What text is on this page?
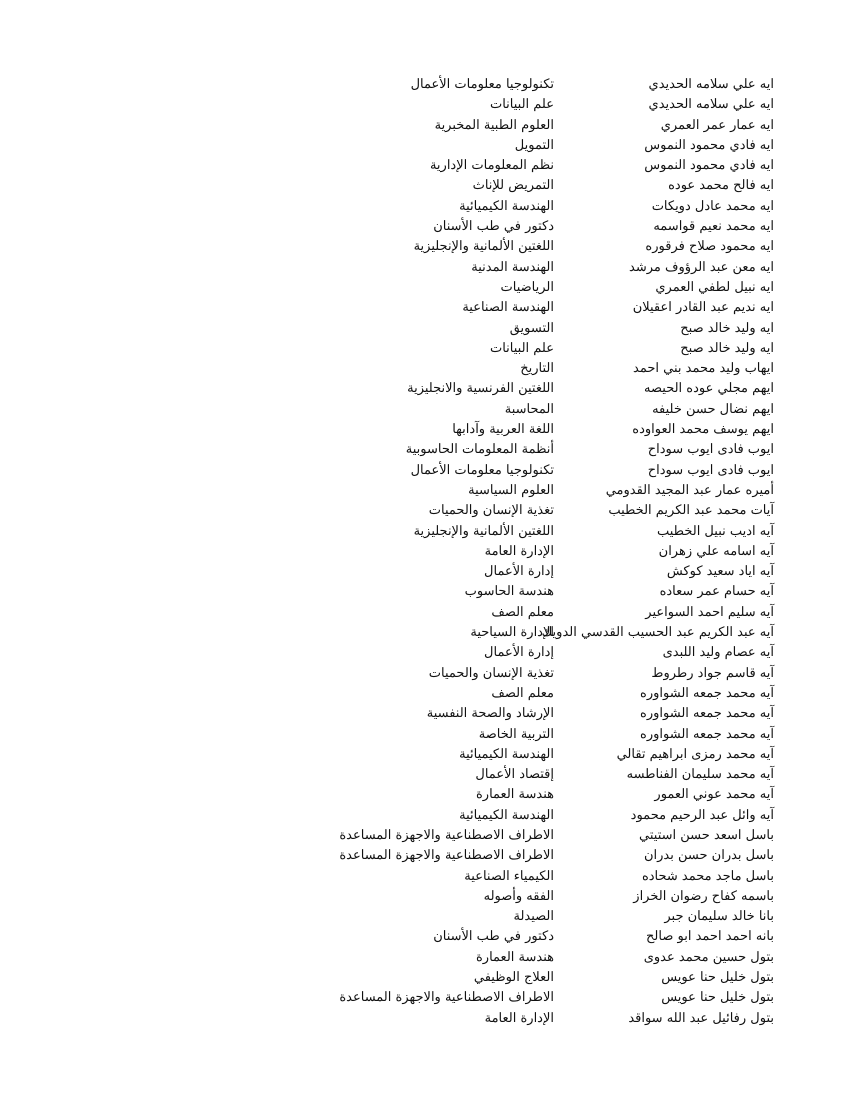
ايه علي سلامه الحديدي
تكنولوجيا معلومات الأعمال
ايه علي سلامه الحديدي
علم البيانات
ايه عمار عمر العمري
العلوم الطبية المخبرية
ايه فادي محمود النموس
التمويل
ايه فادي محمود النموس
نظم المعلومات الإدارية
ايه فالح محمد عوده
التمريض للإناث
ايه محمد عادل دويكات
الهندسة الكيميائية
ايه محمد نعيم قواسمه
دكتور في طب الأسنان
ايه محمود صلاح فرقوره
اللغتين الألمانية والإنجليزية
ايه معن عبد الرؤوف مرشد
الهندسة المدنية
ايه نبيل لطفي العمري
الرياضيات
ايه نديم عبد القادر اعقيلان
الهندسة الصناعية
ايه وليد خالد صبح
التسويق
ايه وليد خالد صبح
علم البيانات
ايهاب وليد محمد بني احمد
التاريخ
ايهم مجلي عوده الحيصه
اللغتين الفرنسية والانجليزية
ايهم نضال حسن خليفه
المحاسبة
ايهم يوسف محمد العواوده
اللغة العربية وآدابها
ايوب فادى ايوب سوداح
أنظمة المعلومات الحاسوبية
ايوب فادى ايوب سوداح
تكنولوجيا معلومات الأعمال
أميره عمار عبد المجيد القدومي
العلوم السياسية
آيات محمد عبد الكريم الخطيب
تغذية الإنسان والحميات
آيه اديب نبيل الخطيب
اللغتين الألمانية والإنجليزية
آيه اسامه علي زهران
الإدارة العامة
آيه اياد سعيد كوكش
إدارة الأعمال
آيه حسام عمر سعاده
هندسة الحاسوب
آيه سليم احمد السواعير
معلم الصف
آيه عبد الكريم عبد الحسيب القدسي الدويك
الإدارة السياحية
آيه عصام وليد اللبدى
إدارة الأعمال
آيه قاسم جواد رطروط
تغذية الإنسان والحميات
آيه محمد جمعه الشواوره
معلم الصف
آيه محمد جمعه الشواوره
الإرشاد والصحة النفسية
آيه محمد جمعه الشواوره
التربية الخاصة
آيه محمد رمزى ابراهيم تقالي
الهندسة الكيميائية
آيه محمد سليمان الفناطسه
إقتصاد الأعمال
آيه محمد عوني العمور
هندسة العمارة
آيه وائل عبد الرحيم محمود
الهندسة الكيميائية
باسل اسعد حسن استيتي
الاطراف الاصطناعية والاجهزة المساعدة
باسل بدران حسن بدران
الاطراف الاصطناعية والاجهزة المساعدة
باسل ماجد محمد شحاده
الكيمياء الصناعية
باسمه كفاح رضوان الخراز
الفقه وأصوله
بانا خالد سليمان جبر
الصيدلة
بانه احمد احمد ابو صالح
دكتور في طب الأسنان
بتول حسين محمد عدوى
هندسة العمارة
بتول خليل حنا عويس
العلاج الوظيفي
بتول خليل حنا عويس
الاطراف الاصطناعية والاجهزة المساعدة
بتول رفائيل عبد الله سواقد
الإدارة العامة
